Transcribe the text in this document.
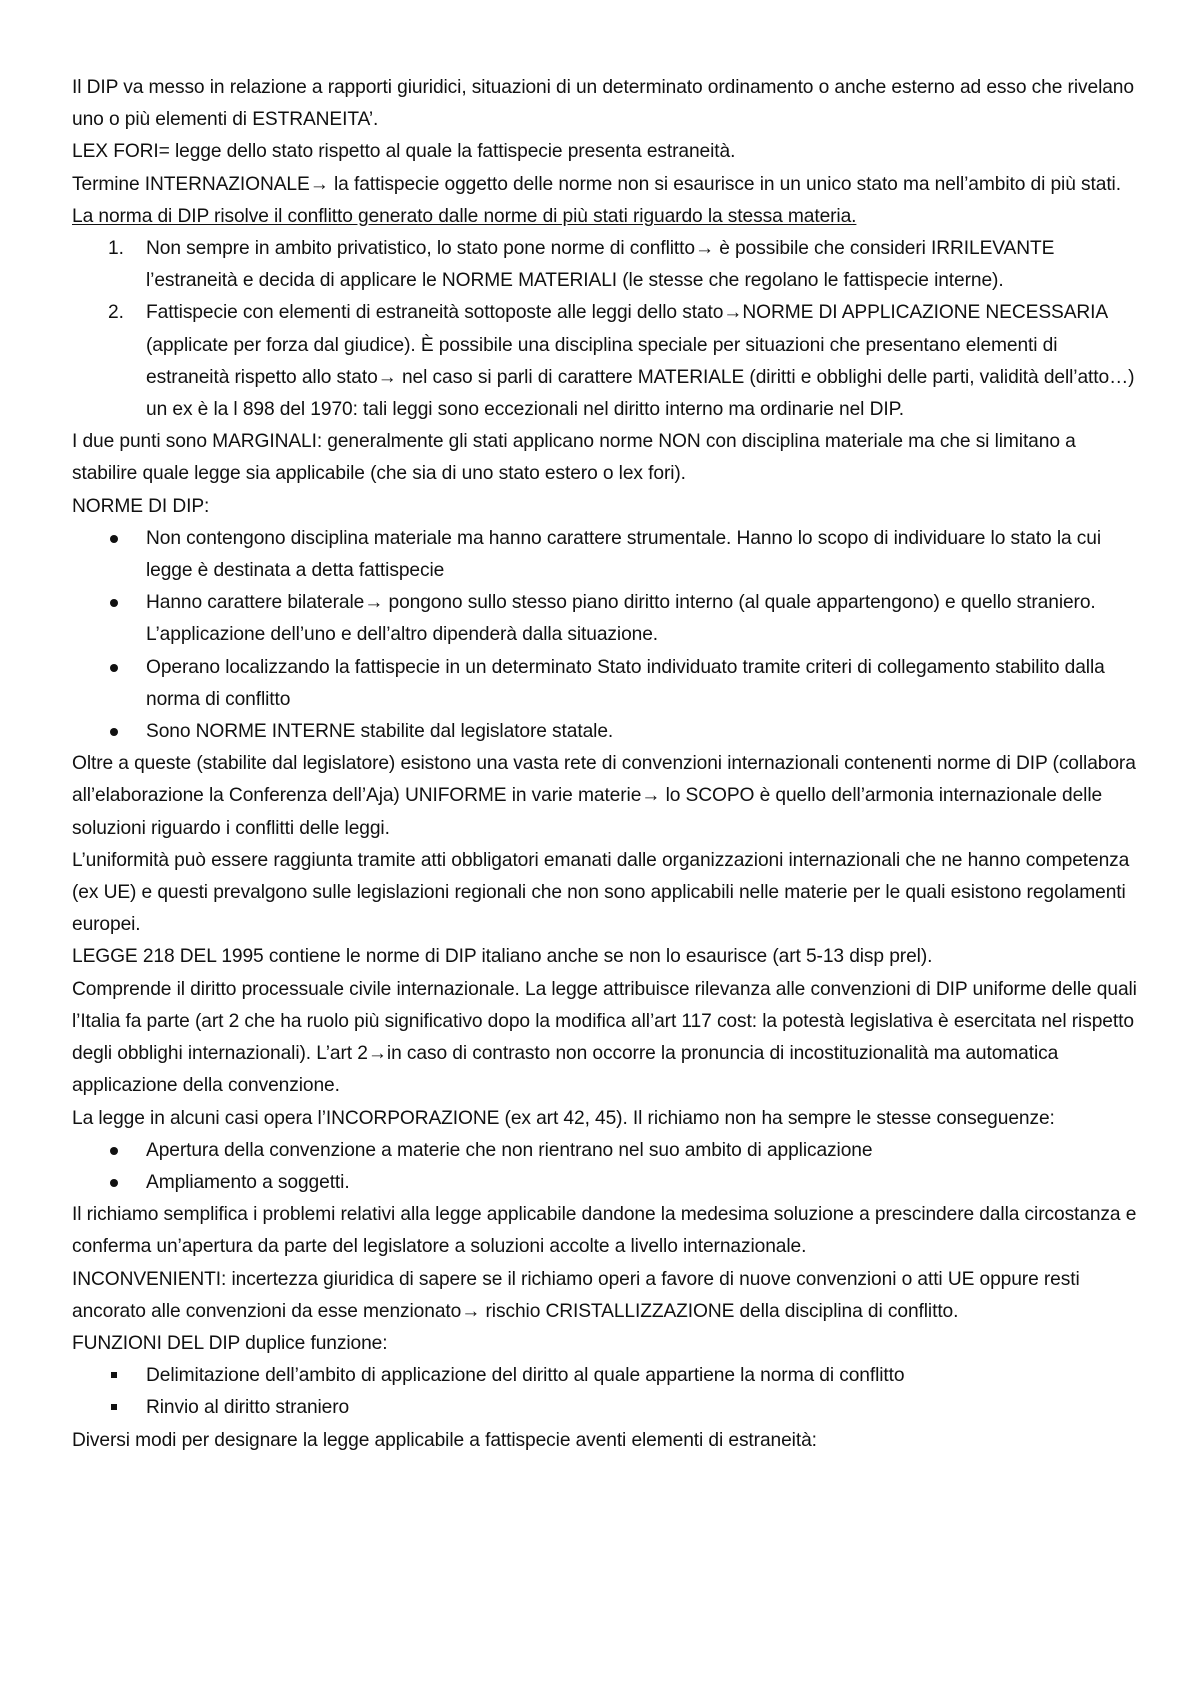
Il DIP va messo in relazione a rapporti giuridici, situazioni di un determinato ordinamento o anche esterno ad esso che rivelano uno o più elementi di ESTRANEITA’.

LEX FORI= legge dello stato rispetto al quale la fattispecie presenta estraneità.

Termine INTERNAZIONALE→ la fattispecie oggetto delle norme non si esaurisce in un unico stato ma nell’ambito di più stati. La norma di DIP risolve il conflitto generato dalle norme di più stati riguardo la stessa materia.

1.	Non sempre in ambito privatistico, lo stato pone norme di conflitto→ è possibile che consideri IRRILEVANTE l’estraneità e decida di applicare le NORME MATERIALI (le stesse che regolano le fattispecie interne).
2.	Fattispecie con elementi di estraneità sottoposte alle leggi dello stato→NORME DI APPLICAZIONE NECESSARIA (applicate per forza dal giudice). È possibile una disciplina speciale per situazioni che presentano elementi di estraneità rispetto allo stato→ nel caso si parli di carattere MATERIALE (diritti e obblighi delle parti, validità dell’atto…) un ex è la l 898 del 1970: tali leggi sono eccezionali nel diritto interno ma ordinarie nel DIP.

I due punti sono MARGINALI: generalmente gli stati applicano norme NON con disciplina materiale ma che si limitano a stabilire quale legge sia applicabile (che sia di uno stato estero o lex fori).

NORME DI DIP:

Non contengono disciplina materiale ma hanno carattere strumentale. Hanno lo scopo di individuare lo stato la cui legge è destinata a detta fattispecie
Hanno carattere bilaterale→ pongono sullo stesso piano diritto interno (al quale appartengono) e quello straniero. L’applicazione dell’uno e dell’altro dipenderà dalla situazione.
Operano localizzando la fattispecie in un determinato Stato individuato tramite criteri di collegamento stabilito dalla norma di conflitto
Sono NORME INTERNE stabilite dal legislatore statale.

Oltre a queste (stabilite dal legislatore) esistono una vasta rete di convenzioni internazionali contenenti norme di DIP (collabora all’elaborazione la Conferenza dell’Aja) UNIFORME in varie materie→ lo SCOPO è quello dell’armonia internazionale delle soluzioni riguardo i conflitti delle leggi.

L’uniformità può essere raggiunta tramite atti obbligatori emanati dalle organizzazioni internazionali che ne hanno competenza (ex UE) e questi prevalgono sulle legislazioni regionali che non sono applicabili nelle materie per le quali esistono regolamenti europei.

LEGGE 218 DEL 1995 contiene le norme di DIP italiano anche se non lo esaurisce (art 5-13 disp prel).

Comprende il diritto processuale civile internazionale. La legge attribuisce rilevanza alle convenzioni di DIP uniforme delle quali l’Italia fa parte (art 2 che ha ruolo più significativo dopo la modifica all’art 117 cost: la potestà legislativa è esercitata nel rispetto degli obblighi internazionali). L’art 2→in caso di contrasto non occorre la pronuncia di incostituzionalità ma automatica applicazione della convenzione.

La legge in alcuni casi opera l’INCORPORAZIONE (ex art 42, 45). Il richiamo non ha sempre le stesse conseguenze:

Apertura della convenzione a materie che non rientrano nel suo ambito di applicazione
Ampliamento a soggetti.

Il richiamo semplifica i problemi relativi alla legge applicabile dandone la medesima soluzione a prescindere dalla circostanza e conferma un’apertura da parte del legislatore a soluzioni accolte a livello internazionale.

INCONVENIENTI: incertezza giuridica di sapere se il richiamo operi a favore di nuove convenzioni o atti UE oppure resti ancorato alle convenzioni da esse menzionato→ rischio CRISTALLIZZAZIONE della disciplina di conflitto.

FUNZIONI DEL DIP duplice funzione:

Delimitazione dell’ambito di applicazione del diritto al quale appartiene la norma di conflitto
Rinvio al diritto straniero

Diversi modi per designare la legge applicabile a fattispecie aventi elementi di estraneità:
